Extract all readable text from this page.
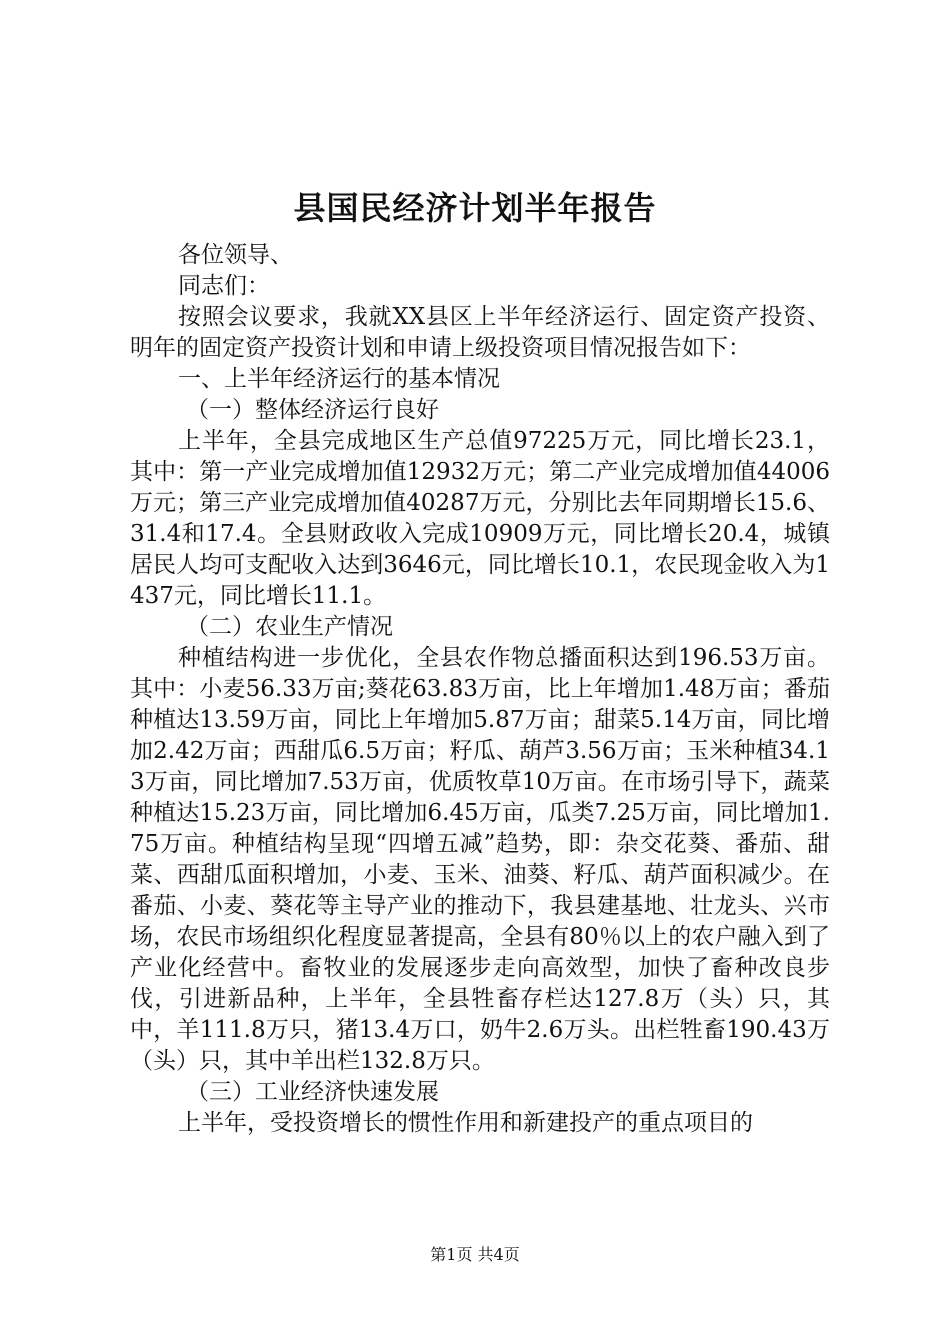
县国民经济计划半年报告

各位领导、

同志们：

按照会议要求，我就XX县区上半年经济运行、固定资产投资、明年的固定资产投资计划和申请上级投资项目情况报告如下：

一、上半年经济运行的基本情况

（一）整体经济运行良好

上半年，全县完成地区生产总值97225万元，同比增长23.1，其中：第一产业完成增加值12932万元；第二产业完成增加值44006万元；第三产业完成增加值40287万元，分别比去年同期增长15.6、31.4和17.4。全县财政收入完成10909万元，同比增长20.4，城镇居民人均可支配收入达到3646元，同比增长10.1，农民现金收入为1437元，同比增长11.1。

（二）农业生产情况

种植结构进一步优化，全县农作物总播面积达到196.53万亩。其中：小麦56.33万亩;葵花63.83万亩，比上年增加1.48万亩；番茄种植达13.59万亩，同比上年增加5.87万亩；甜菜5.14万亩，同比增加2.42万亩；西甜瓜6.5万亩；籽瓜、葫芦3.56万亩；玉米种植34.13万亩，同比增加7.53万亩，优质牧草10万亩。在市场引导下，蔬菜种植达15.23万亩，同比增加6.45万亩，瓜类7.25万亩，同比增加1.75万亩。种植结构呈现“四增五减”趋势，即：杂交花葵、番茄、甜菜、西甜瓜面积增加，小麦、玉米、油葵、籽瓜、葫芦面积减少。在番茄、小麦、葵花等主导产业的推动下，我县建基地、壮龙头、兴市场，农民市场组织化程度显著提高，全县有80％以上的农户融入到了产业化经营中。畜牧业的发展逐步走向高效型，加快了畜种改良步伐，引进新品种，上半年，全县牲畜存栏达127.8万（头）只，其中，羊111.8万只，猪13.4万口，奶牛2.6万头。出栏牲畜190.43万（头）只，其中羊出栏132.8万只。

（三）工业经济快速发展

上半年，受投资增长的惯性作用和新建投产的重点项目的

第1页 共4页
